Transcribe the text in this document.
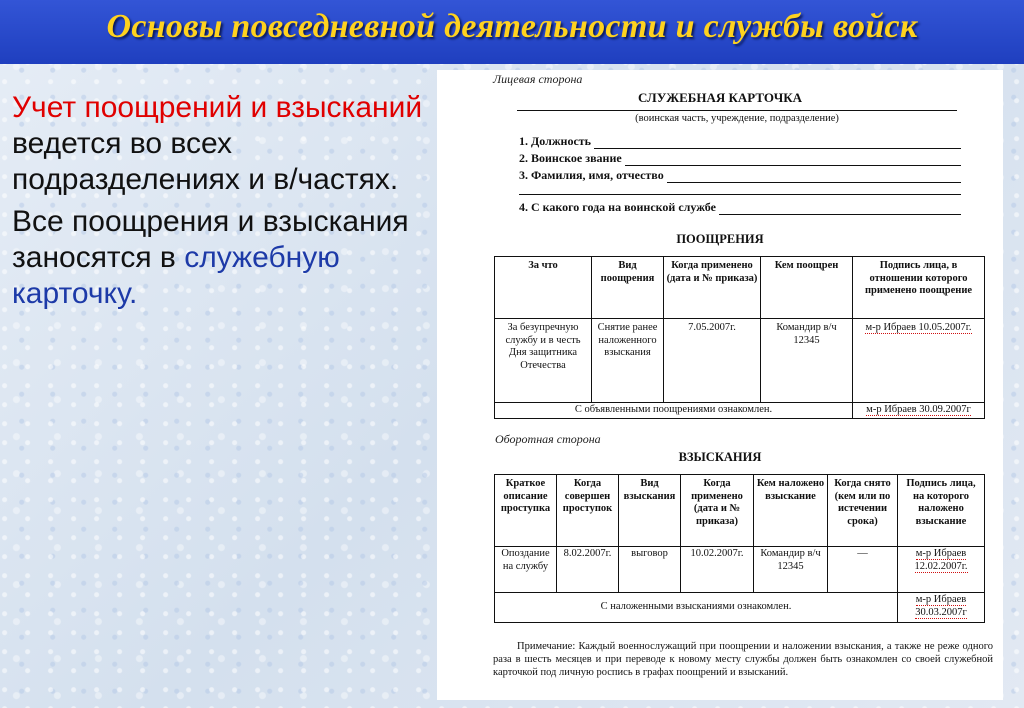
Основы повседневной деятельности и службы войск

Учет поощрений и взысканий ведется во всех подразделениях и в/частях.

Все поощрения и взыскания заносятся в служебную карточку.

Лицевая сторона
СЛУЖЕБНАЯ КАРТОЧКА
(воинская часть, учреждение, подразделение)
1. Должность
2. Воинское звание
3. Фамилия, имя, отчество
4. С какого года на воинской службе
ПООЩРЕНИЯ
За что	Вид поощрения	Когда применено (дата и № приказа)	Кем поощрен	Подпись лица, в отношении которого применено поощрение
За безупречную службу и в честь Дня защитника Отечества	Снятие ранее наложенного взыскания	7.05.2007г.	Командир в/ч 12345	м-р Ибраев 10.05.2007г.
С объявленными поощрениями ознакомлен.				м-р Ибраев 30.09.2007г
Оборотная сторона
ВЗЫСКАНИЯ
Краткое описание проступка	Когда совершен проступок	Вид взыскания	Когда применено (дата и № приказа)	Кем наложено взыскание	Когда снято (кем или по истечении срока)	Подпись лица, на которого наложено взыскание
Опоздание на службу	8.02.2007г.	выговор	10.02.2007г.	Командир в/ч 12345	—	м-р Ибраев 12.02.2007г.
С наложенными взысканиями ознакомлен.						м-р Ибраев 30.03.2007г
Примечание: Каждый военнослужащий при поощрении и наложении взыскания, а также не реже одного раза в шесть месяцев и при переводе к новому месту службы должен быть ознакомлен со своей служебной карточкой под личную роспись в графах поощрений и взысканий.
